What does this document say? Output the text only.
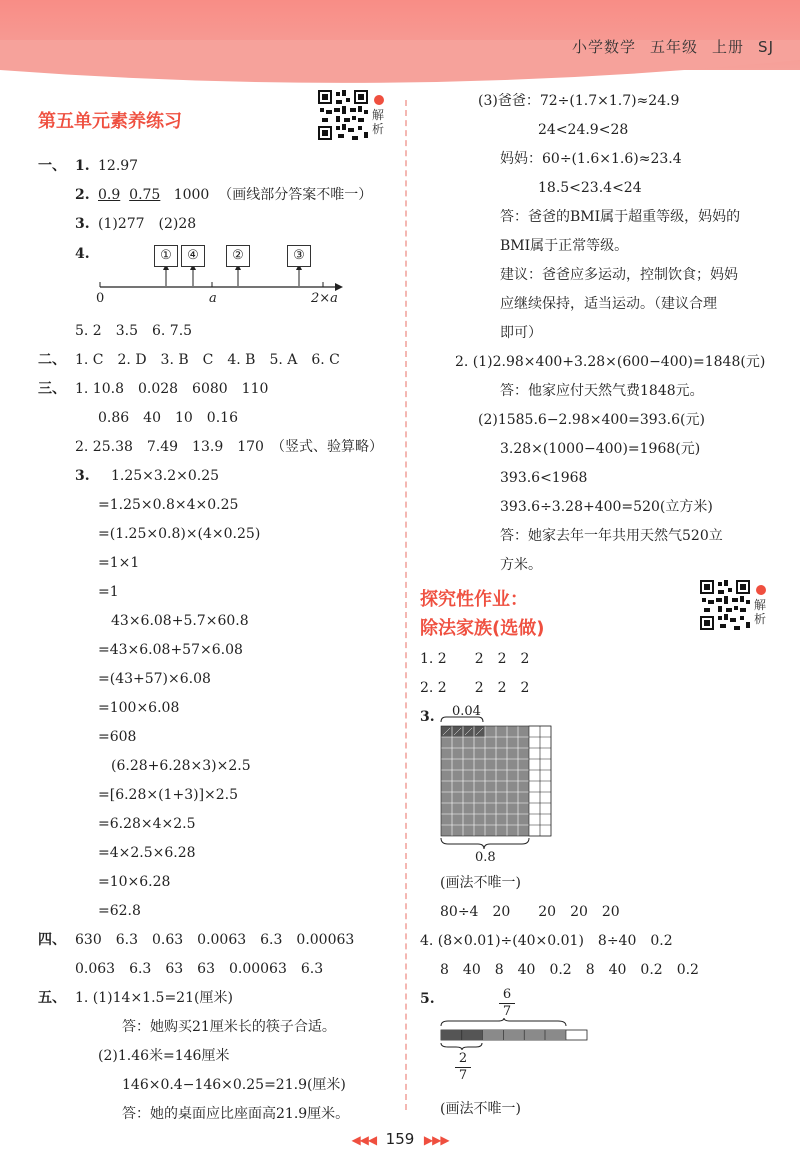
小学数学 五年级 上册 SJ
第五单元素养练习	解析
一、 1. 12.97
2. 0.9 0.75 1000 （画线部分答案不唯一）
3. (1)277　(2)28
4.	①	④	②	③
0	a	2×a
5. 2　3.5　6. 7.5
二、 1. C　2. D　3. B　C　4. B　5. A　6. C
三、 1. 10.8　0.028　6080　110
0.86　40　10　0.16
2. 25.38　7.49　13.9　170　（竖式、验算略）
3. 1.25×3.2×0.25
=1.25×0.8×4×0.25
=(1.25×0.8)×(4×0.25)
=1×1
=1
43×6.08+5.7×60.8
=43×6.08+57×6.08
=(43+57)×6.08
=100×6.08
=608
(6.28+6.28×3)×2.5
=[6.28×(1+3)]×2.5
=6.28×4×2.5
=4×2.5×6.28
=10×6.28
=62.8
四、 630　6.3　0.63　0.0063　6.3　0.00063
0.063　6.3　63　63　0.00063　6.3
五、 1. (1)14×1.5=21(厘米)
答：她购买21厘米长的筷子合适。
(2)1.46米=146厘米
146×0.4−146×0.25=21.9(厘米)
答：她的桌面应比座面高21.9厘米。
(3)爸爸：72÷(1.7×1.7)≈24.9
24<24.9<28
妈妈：60÷(1.6×1.6)≈23.4
18.5<23.4<24
答：爸爸的BMI属于超重等级，妈妈的
BMI属于正常等级。
建议：爸爸应多运动，控制饮食；妈妈
应继续保持，适当运动。（建议合理
即可）
2. (1)2.98×400+3.28×(600−400)=1848(元)
答：他家应付天然气费1848元。
(2)1585.6−2.98×400=393.6(元)
3.28×(1000−400)=1968(元)
393.6<1968
393.6÷3.28+400=520(立方米)
答：她家去年一年共用天然气520立
方米。
探究性作业：
除法家族(选做)
解析
1. 2　　2　2　2
2. 2　　2　2　2
3. 0.04
0.8
(画法不唯一)
80÷4　20　　20　20　20
4. (8×0.01)÷(40×0.01)　8÷40　0.2
8　40　8　40　0.2　8　40　0.2　0.2
5.	6
7
2
7
(画法不唯一)
◀◀◀ 159 ▶▶▶
